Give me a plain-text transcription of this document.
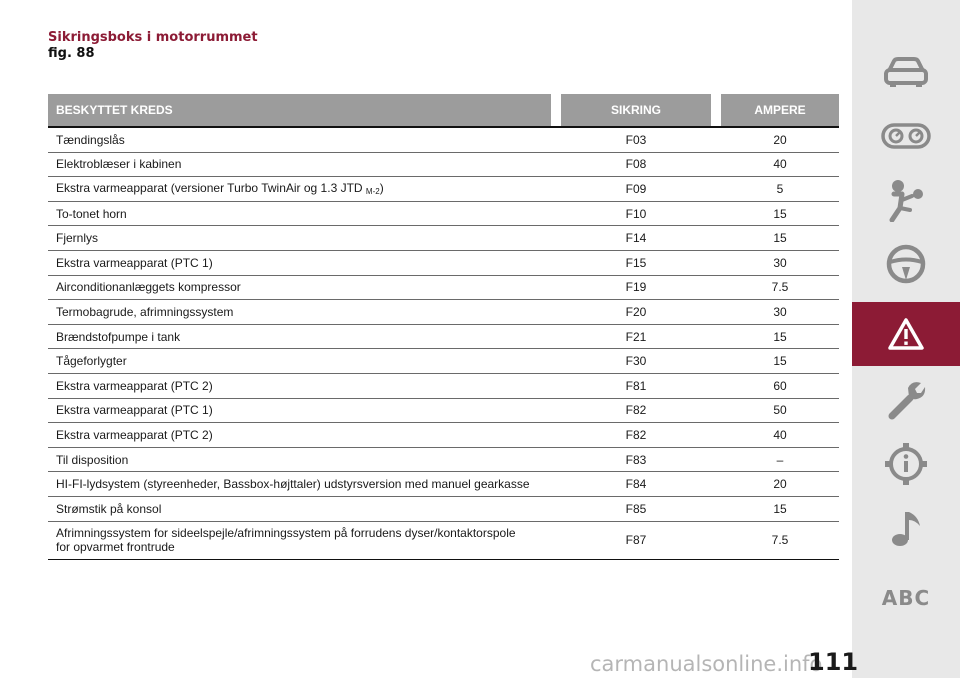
Sikringsboks i motorrummet
fig. 88
BESKYTTET KREDS		SIKRING		AMPERE
Tændingslås		F03		20
Elektroblæser i kabinen		F08		40
Ekstra varmeapparat (versioner Turbo TwinAir og 1.3 JTD $_{M-2}$)		F09		5
To-tonet horn		F10		15
Fjernlys		F14		15
Ekstra varmeapparat (PTC 1)		F15		30
Airconditionanlæggets kompressor		F19		7.5
Termobagrude, afrimningssystem		F20		30
Brændstofpumpe i tank		F21		15
Tågeforlygter		F30		15
Ekstra varmeapparat (PTC 2)		F81		60
Ekstra varmeapparat (PTC 1)		F82		50
Ekstra varmeapparat (PTC 2)		F82		40
Til disposition		F83		–
HI-FI-lydsystem (styreenheder, Bassbox-højttaler) udstyrsversion med manuel gearkasse		F84		20
Strømstik på konsol		F85		15
Afrimningssystem for sideelspejle/afrimningssystem på forrudens dyser/kontaktorspole
for opvarmet frontrude		F87		7.5
ABC
carmanualsonline.info
111
